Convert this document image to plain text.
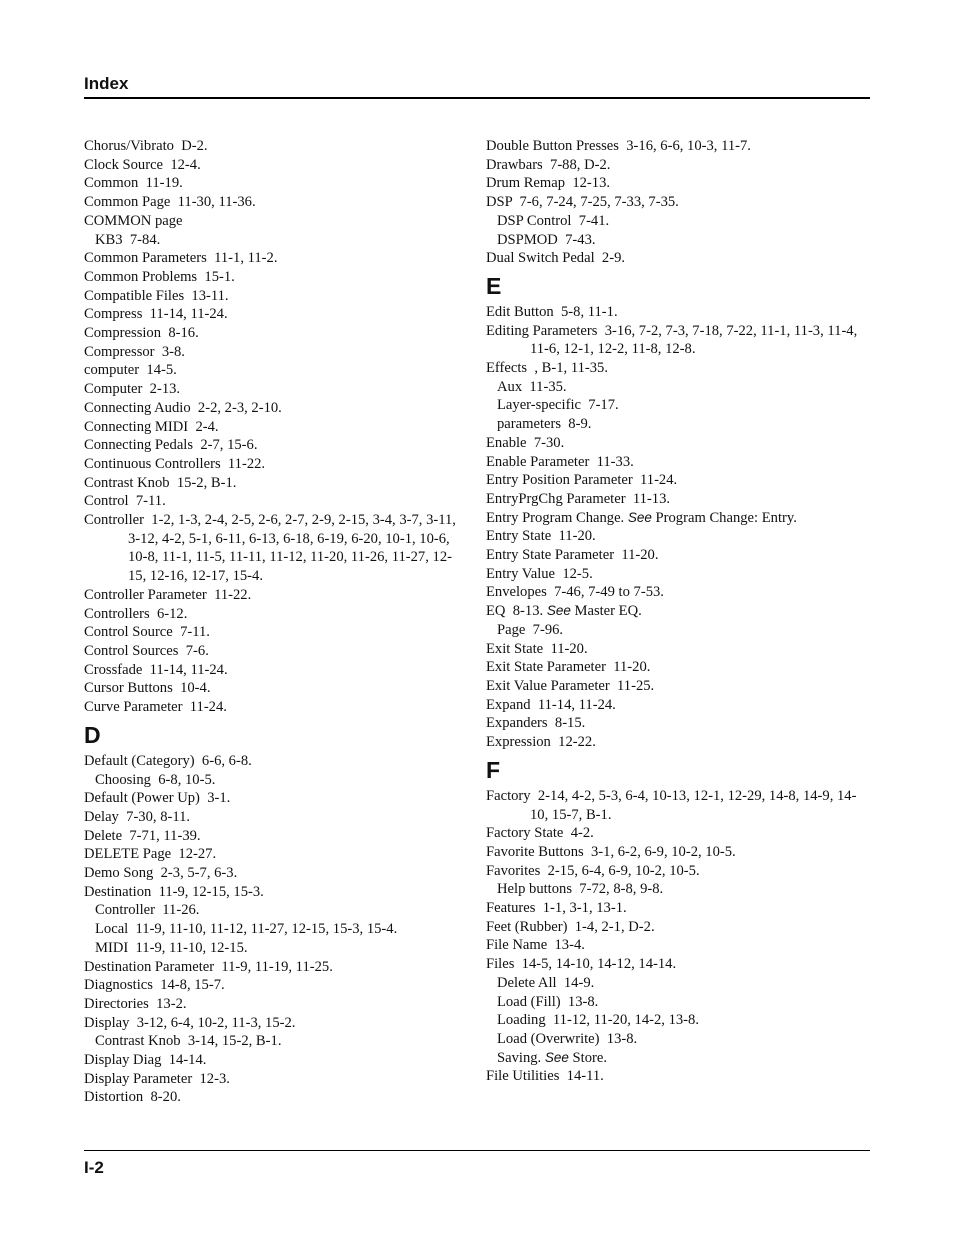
Index
Chorus/Vibrato  D-2.
Clock Source  12-4.
Common  11-19.
Common Page  11-30, 11-36.
COMMON page
KB3  7-84.
Common Parameters  11-1, 11-2.
Common Problems  15-1.
Compatible Files  13-11.
Compress  11-14, 11-24.
Compression  8-16.
Compressor  3-8.
computer  14-5.
Computer  2-13.
Connecting Audio  2-2, 2-3, 2-10.
Connecting MIDI  2-4.
Connecting Pedals  2-7, 15-6.
Continuous Controllers  11-22.
Contrast Knob  15-2, B-1.
Control  7-11.
Controller  1-2, 1-3, 2-4, 2-5, 2-6, 2-7, 2-9, 2-15, 3-4, 3-7, 3-11, 3-12, 4-2, 5-1, 6-11, 6-13, 6-18, 6-19, 6-20, 10-1, 10-6, 10-8, 11-1, 11-5, 11-11, 11-12, 11-20, 11-26, 11-27, 12-15, 12-16, 12-17, 15-4.
Controller Parameter  11-22.
Controllers  6-12.
Control Source  7-11.
Control Sources  7-6.
Crossfade  11-14, 11-24.
Cursor Buttons  10-4.
Curve Parameter  11-24.
D
Default (Category)  6-6, 6-8.
Choosing  6-8, 10-5.
Default (Power Up)  3-1.
Delay  7-30, 8-11.
Delete  7-71, 11-39.
DELETE Page  12-27.
Demo Song  2-3, 5-7, 6-3.
Destination  11-9, 12-15, 15-3.
Controller  11-26.
Local  11-9, 11-10, 11-12, 11-27, 12-15, 15-3, 15-4.
MIDI  11-9, 11-10, 12-15.
Destination Parameter  11-9, 11-19, 11-25.
Diagnostics  14-8, 15-7.
Directories  13-2.
Display  3-12, 6-4, 10-2, 11-3, 15-2.
Contrast Knob  3-14, 15-2, B-1.
Display Diag  14-14.
Display Parameter  12-3.
Distortion  8-20.
Double Button Presses  3-16, 6-6, 10-3, 11-7.
Drawbars  7-88, D-2.
Drum Remap  12-13.
DSP  7-6, 7-24, 7-25, 7-33, 7-35.
DSP Control  7-41.
DSPMOD  7-43.
Dual Switch Pedal  2-9.
E
Edit Button  5-8, 11-1.
Editing Parameters  3-16, 7-2, 7-3, 7-18, 7-22, 11-1, 11-3, 11-4, 11-6, 12-1, 12-2, 11-8, 12-8.
Effects  , B-1, 11-35.
Aux  11-35.
Layer-specific  7-17.
parameters  8-9.
Enable  7-30.
Enable Parameter  11-33.
Entry Position Parameter  11-24.
EntryPrgChg Parameter  11-13.
Entry Program Change. See Program Change: Entry.
Entry State  11-20.
Entry State Parameter  11-20.
Entry Value  12-5.
Envelopes  7-46, 7-49 to 7-53.
EQ  8-13. See Master EQ.
Page  7-96.
Exit State  11-20.
Exit State Parameter  11-20.
Exit Value Parameter  11-25.
Expand  11-14, 11-24.
Expanders  8-15.
Expression  12-22.
F
Factory  2-14, 4-2, 5-3, 6-4, 10-13, 12-1, 12-29, 14-8, 14-9, 14-10, 15-7, B-1.
Factory State  4-2.
Favorite Buttons  3-1, 6-2, 6-9, 10-2, 10-5.
Favorites  2-15, 6-4, 6-9, 10-2, 10-5.
Help buttons  7-72, 8-8, 9-8.
Features  1-1, 3-1, 13-1.
Feet (Rubber)  1-4, 2-1, D-2.
File Name  13-4.
Files  14-5, 14-10, 14-12, 14-14.
Delete All  14-9.
Load (Fill)  13-8.
Loading  11-12, 11-20, 14-2, 13-8.
Load (Overwrite)  13-8.
Saving. See Store.
File Utilities  14-11.
I-2
